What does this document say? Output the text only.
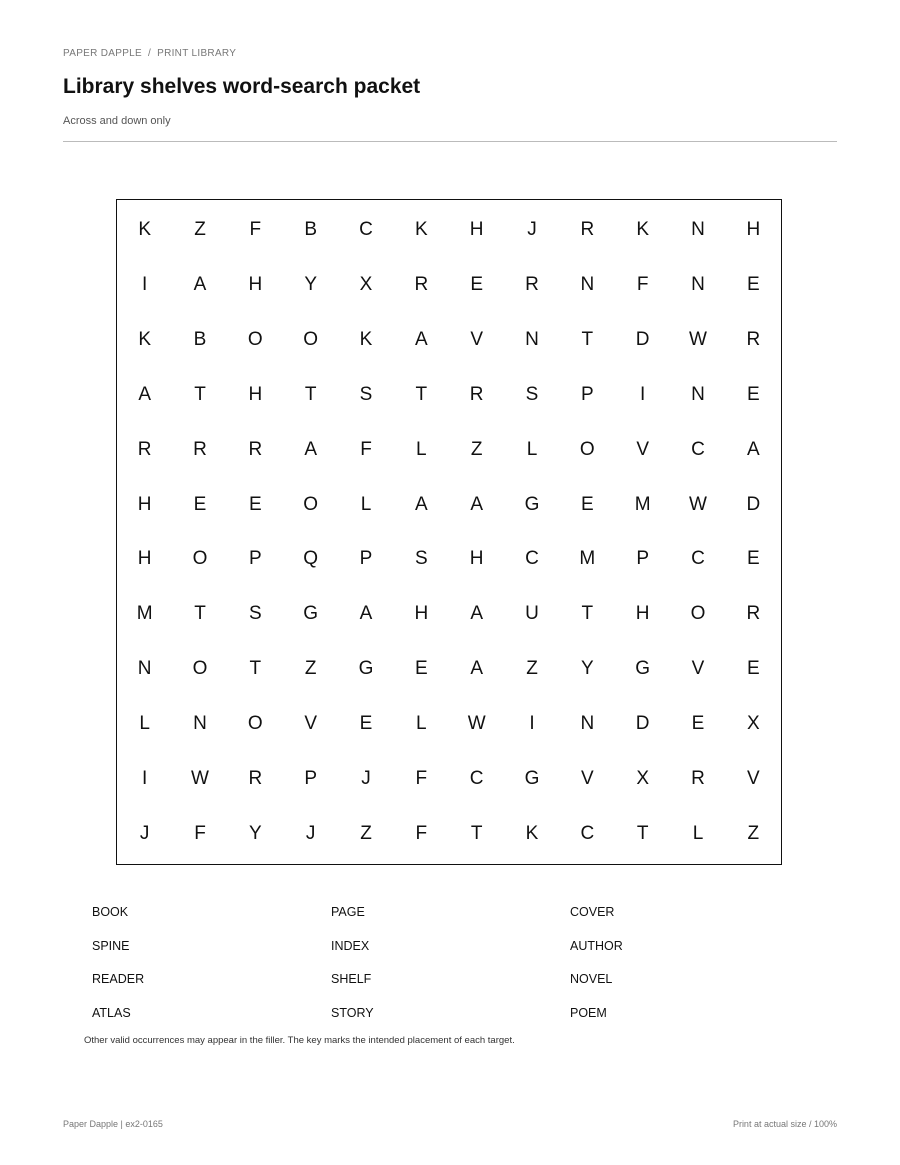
PAPER DAPPLE / PRINT LIBRARY
Library shelves word-search packet
Across and down only
K	Z	F	B	C	K	H	J	R	K	N	H
I	A	H	Y	X	R	E	R	N	F	N	E
K	B	O	O	K	A	V	N	T	D	W	R
A	T	H	T	S	T	R	S	P	I	N	E
R	R	R	A	F	L	Z	L	O	V	C	A
H	E	E	O	L	A	A	G	E	M	W	D
H	O	P	Q	P	S	H	C	M	P	C	E
M	T	S	G	A	H	A	U	T	H	O	R
N	O	T	Z	G	E	A	Z	Y	G	V	E
L	N	O	V	E	L	W	I	N	D	E	X
I	W	R	P	J	F	C	G	V	X	R	V
J	F	Y	J	Z	F	T	K	C	T	L	Z
BOOK	PAGE	COVER
SPINE	INDEX	AUTHOR
READER	SHELF	NOVEL
ATLAS	STORY	POEM
Other valid occurrences may appear in the filler. The key marks the intended placement of each target.
Paper Dapple | ex2-0165	Print at actual size / 100%
